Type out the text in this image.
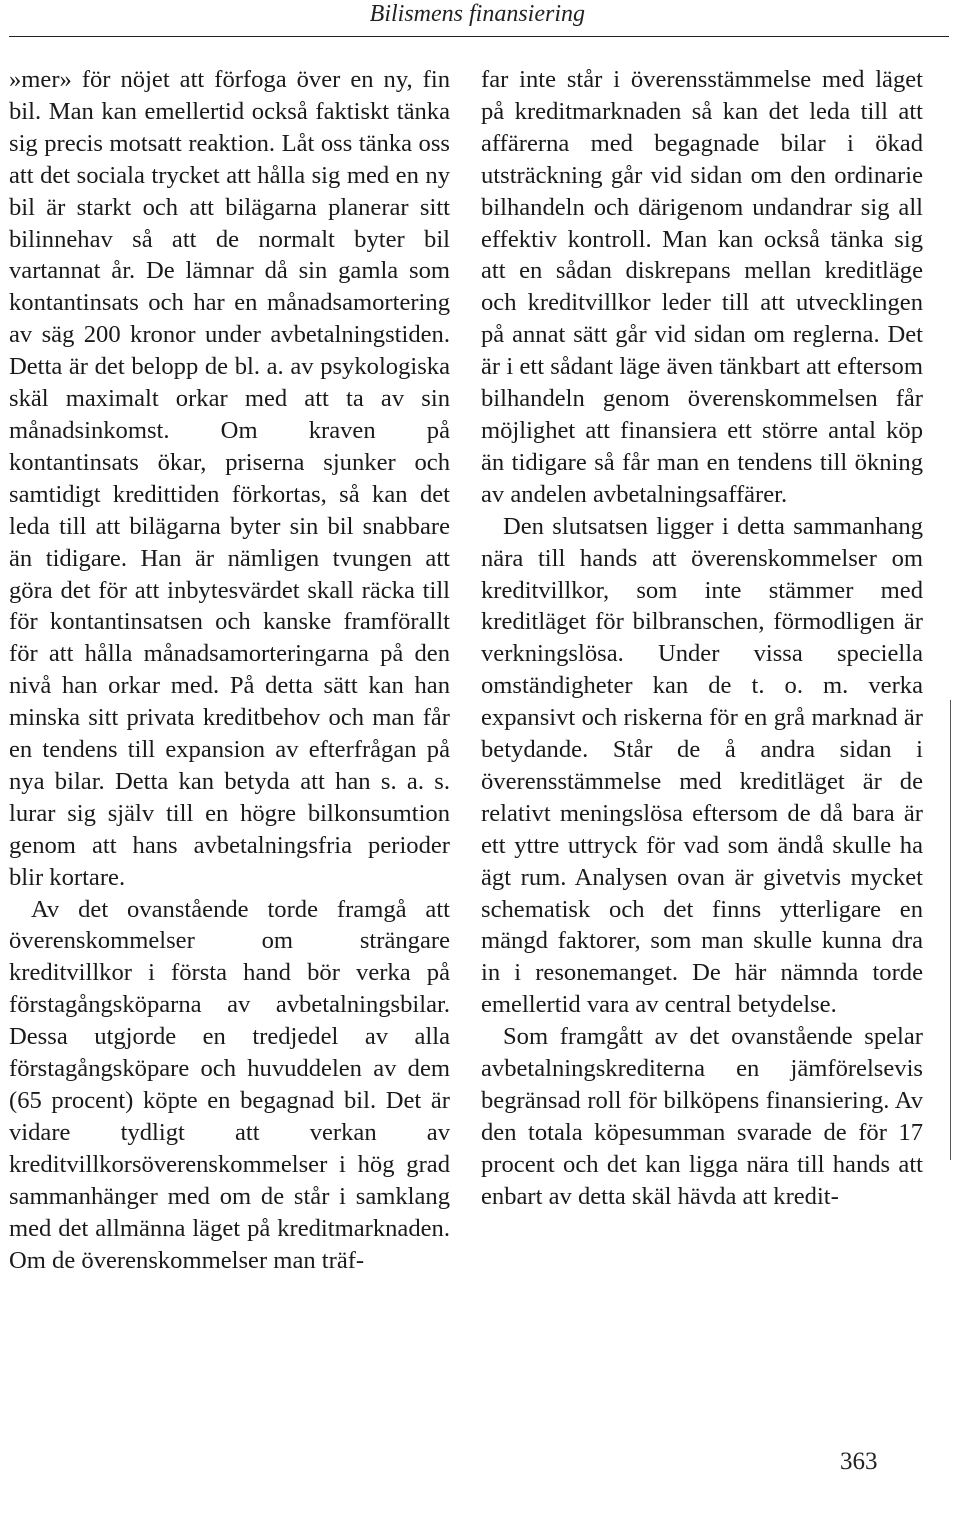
Bilismens finansiering

»mer» för nöjet att förfoga över en ny, fin bil. Man kan emellertid också faktiskt tänka sig precis motsatt reaktion. Låt oss tänka oss att det sociala trycket att hålla sig med en ny bil är starkt och att bilägarna planerar sitt bilinnehav så att de normalt byter bil vartannat år. De lämnar då sin gamla som kontantinsats och har en månadsamortering av säg 200 kronor under avbetalningstiden. Detta är det belopp de bl. a. av psykologiska skäl maximalt orkar med att ta av sin månadsinkomst. Om kraven på kontantinsats ökar, priserna sjunker och samtidigt kredittiden förkortas, så kan det leda till att bilägarna byter sin bil snabbare än tidigare. Han är nämligen tvungen att göra det för att inbytesvärdet skall räcka till för kontantinsatsen och kanske framförallt för att hålla månadsamorteringarna på den nivå han orkar med. På detta sätt kan han minska sitt privata kreditbehov och man får en tendens till expansion av efterfrågan på nya bilar. Detta kan betyda att han s. a. s. lurar sig själv till en högre bilkonsumtion genom att hans avbetalningsfria perioder blir kortare.

Av det ovanstående torde framgå att överenskommelser om strängare kreditvillkor i första hand bör verka på förstagångsköparna av avbetalningsbilar. Dessa utgjorde en tredjedel av alla förstagångsköpare och huvuddelen av dem (65 procent) köpte en begagnad bil. Det är vidare tydligt att verkan av kreditvillkorsöverenskommelser i hög grad sammanhänger med om de står i samklang med det allmänna läget på kreditmarknaden. Om de överenskommelser man träf-

far inte står i överensstämmelse med läget på kreditmarknaden så kan det leda till att affärerna med begagnade bilar i ökad utsträckning går vid sidan om den ordinarie bilhandeln och därigenom undandrar sig all effektiv kontroll. Man kan också tänka sig att en sådan diskrepans mellan kreditläge och kreditvillkor leder till att utvecklingen på annat sätt går vid sidan om reglerna. Det är i ett sådant läge även tänkbart att eftersom bilhandeln genom överenskommelsen får möjlighet att finansiera ett större antal köp än tidigare så får man en tendens till ökning av andelen avbetalningsaffärer.

Den slutsatsen ligger i detta sammanhang nära till hands att överenskommelser om kreditvillkor, som inte stämmer med kreditläget för bilbranschen, förmodligen är verkningslösa. Under vissa speciella omständigheter kan de t. o. m. verka expansivt och riskerna för en grå marknad är betydande. Står de å andra sidan i överensstämmelse med kreditläget är de relativt meningslösa eftersom de då bara är ett yttre uttryck för vad som ändå skulle ha ägt rum. Analysen ovan är givetvis mycket schematisk och det finns ytterligare en mängd faktorer, som man skulle kunna dra in i resonemanget. De här nämnda torde emellertid vara av central betydelse.

Som framgått av det ovanstående spelar avbetalningskrediterna en jämförelsevis begränsad roll för bilköpens finansiering. Av den totala köpesumman svarade de för 17 procent och det kan ligga nära till hands att enbart av detta skäl hävda att kredit-

363
